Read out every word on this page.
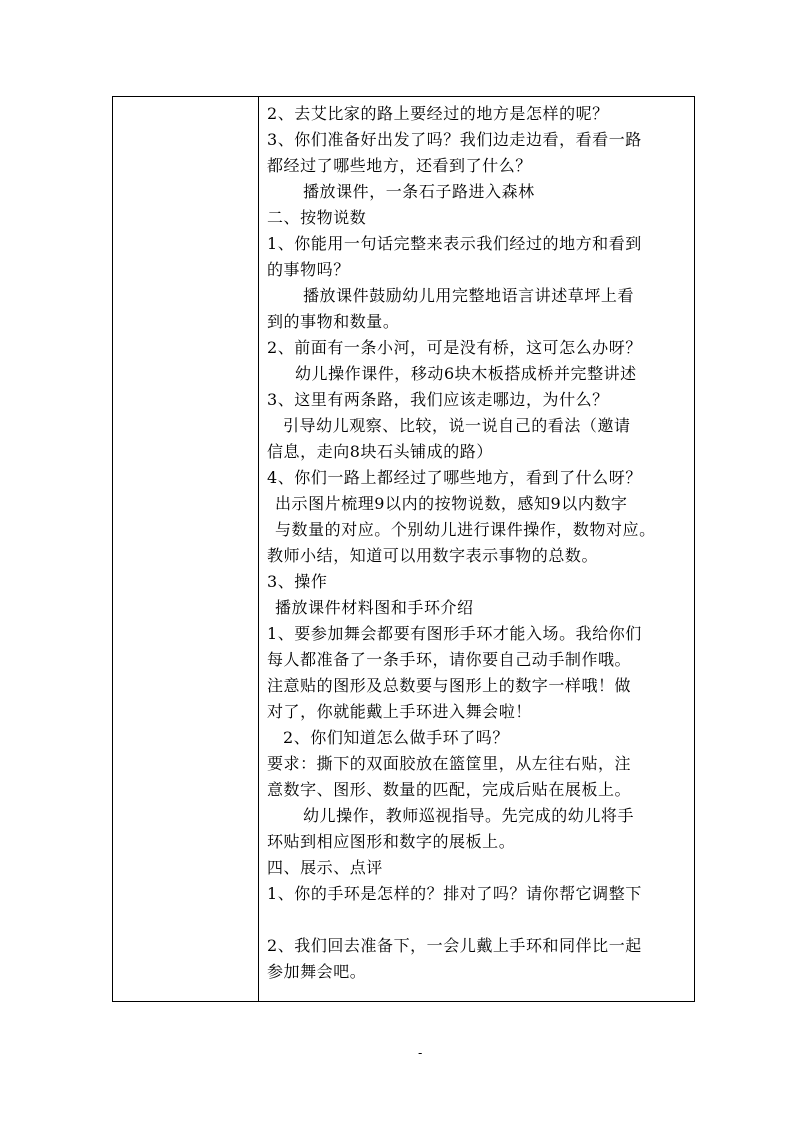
2、去艾比家的路上要经过的地方是怎样的呢？
3、你们准备好出发了吗？我们边走边看，看看一路
都经过了哪些地方，还看到了什么？
播放课件，一条石子路进入森林
二、按物说数
1、你能用一句话完整来表示我们经过的地方和看到
的事物吗？
播放课件鼓励幼儿用完整地语言讲述草坪上看
到的事物和数量。
2、前面有一条小河，可是没有桥，这可怎么办呀？
幼儿操作课件，移动6块木板搭成桥并完整讲述
3、这里有两条路，我们应该走哪边，为什么？
引导幼儿观察、比较，说一说自己的看法（邀请
信息，走向8块石头铺成的路）
4、你们一路上都经过了哪些地方，看到了什么呀？
出示图片梳理9以内的按物说数，感知9以内数字
与数量的对应。个别幼儿进行课件操作，数物对应。
教师小结，知道可以用数字表示事物的总数。
3、操作
播放课件材料图和手环介绍
1、要参加舞会都要有图形手环才能入场。我给你们
每人都准备了一条手环，请你要自己动手制作哦。
注意贴的图形及总数要与图形上的数字一样哦！做
对了，你就能戴上手环进入舞会啦！
2、你们知道怎么做手环了吗？
要求：撕下的双面胶放在篮筐里，从左往右贴，注
意数字、图形、数量的匹配，完成后贴在展板上。
幼儿操作，教师巡视指导。先完成的幼儿将手
环贴到相应图形和数字的展板上。
四、展示、点评
1、你的手环是怎样的？排对了吗？请你帮它调整下
2、我们回去准备下，一会儿戴上手环和同伴比一起
参加舞会吧。
-
